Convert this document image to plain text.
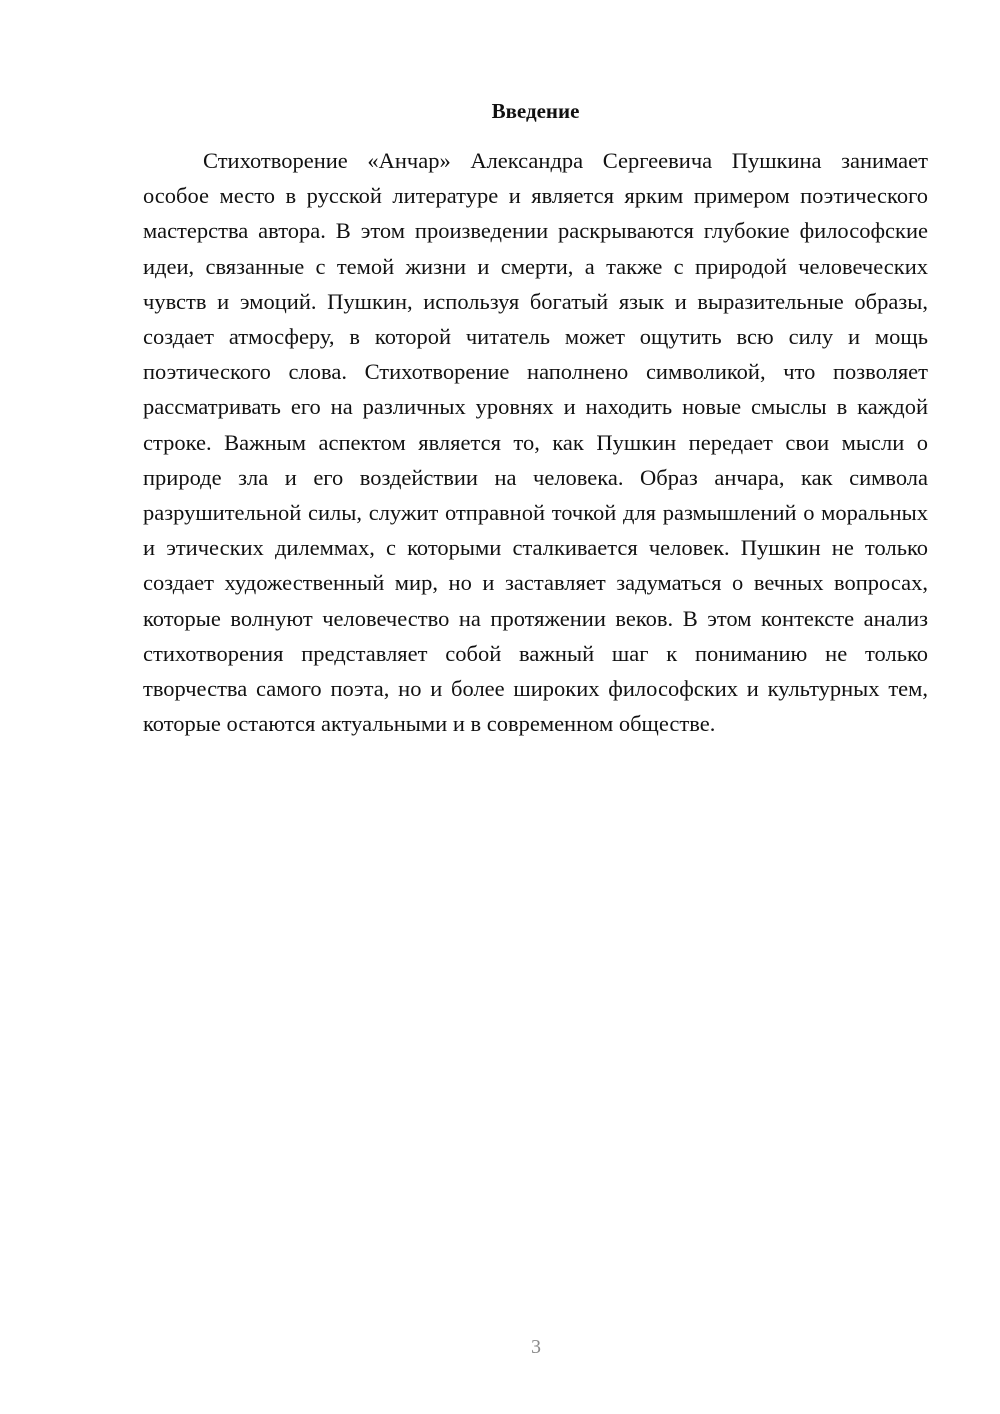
Введение

Стихотворение «Анчар» Александра Сергеевича Пушкина занимает особое место в русской литературе и является ярким примером поэтического мастерства автора. В этом произведении раскрываются глубокие философские идеи, связанные с темой жизни и смерти, а также с природой человеческих чувств и эмоций. Пушкин, используя богатый язык и выразительные образы, создает атмосферу, в которой читатель может ощутить всю силу и мощь поэтического слова. Стихотворение наполнено символикой, что позволяет рассматривать его на различных уровнях и находить новые смыслы в каждой строке. Важным аспектом является то, как Пушкин передает свои мысли о природе зла и его воздействии на человека. Образ анчара, как символа разрушительной силы, служит отправной точкой для размышлений о моральных и этических дилеммах, с которыми сталкивается человек. Пушкин не только создает художественный мир, но и заставляет задуматься о вечных вопросах, которые волнуют человечество на протяжении веков. В этом контексте анализ стихотворения представляет собой важный шаг к пониманию не только творчества самого поэта, но и более широких философских и культурных тем, которые остаются актуальными и в современном обществе.

3
